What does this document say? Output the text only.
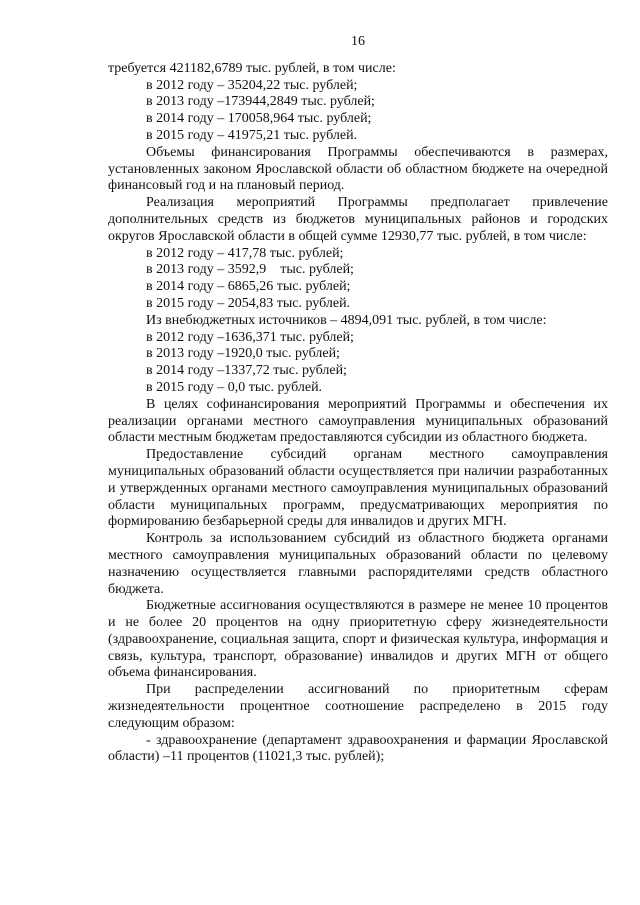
16

требуется 421182,6789 тыс. рублей, в том числе:

в 2012 году – 35204,22 тыс. рублей;

в 2013 году –173944,2849 тыс. рублей;

в 2014 году – 170058,964 тыс. рублей;

в 2015 году – 41975,21 тыс. рублей.

Объемы финансирования Программы обеспечиваются в размерах, установленных законом Ярославской области об областном бюджете на очередной финансовый год и на плановый период.

Реализация мероприятий Программы предполагает привлечение дополнительных средств из бюджетов муниципальных районов и городских округов Ярославской области в общей сумме 12930,77 тыс. рублей, в том числе:

в 2012 году – 417,78 тыс. рублей;

в 2013 году – 3592,9    тыс. рублей;

в 2014 году – 6865,26 тыс. рублей;

в 2015 году – 2054,83 тыс. рублей.

Из внебюджетных источников – 4894,091 тыс. рублей, в том числе:

в 2012 году –1636,371 тыс. рублей;

в 2013 году –1920,0 тыс. рублей;

в 2014 году –1337,72 тыс. рублей;

в 2015 году – 0,0 тыс. рублей.

В целях софинансирования мероприятий Программы и обеспечения их реализации органами местного самоуправления муниципальных образований области местным бюджетам предоставляются субсидии из областного бюджета.

Предоставление субсидий органам местного самоуправления муниципальных образований области осуществляется при наличии разработанных и утвержденных органами местного самоуправления муниципальных образований области муниципальных программ, предусматривающих мероприятия по формированию безбарьерной среды для инвалидов и других МГН.

Контроль за использованием субсидий из областного бюджета органами местного самоуправления муниципальных образований области по целевому назначению осуществляется главными распорядителями средств областного бюджета.

Бюджетные ассигнования осуществляются в размере не менее 10 процентов и не более 20 процентов на одну приоритетную сферу жизнедеятельности (здравоохранение, социальная защита, спорт и физическая культура, информация и связь, культура, транспорт, образование) инвалидов и других МГН от общего объема финансирования.

При распределении ассигнований по приоритетным сферам жизнедеятельности процентное соотношение распределено в 2015 году следующим образом:

- здравоохранение (департамент здравоохранения и фармации Ярославской области) –11 процентов (11021,3 тыс. рублей);
